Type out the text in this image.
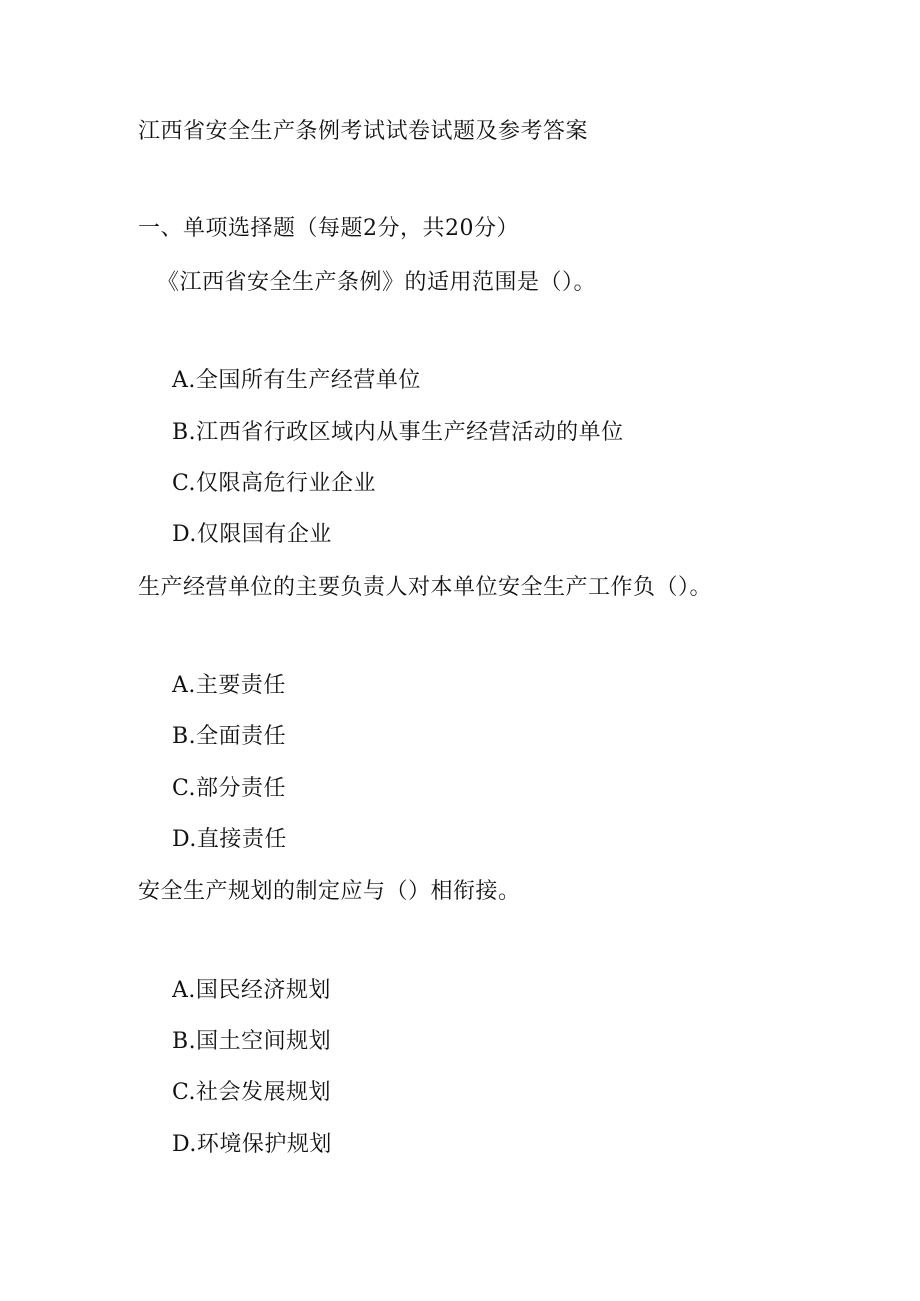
江西省安全生产条例考试试卷试题及参考答案
一、单项选择题（每题2分，共20分）
《江西省安全生产条例》的适用范围是（）。
A.全国所有生产经营单位
B.江西省行政区域内从事生产经营活动的单位
C.仅限高危行业企业
D.仅限国有企业
生产经营单位的主要负责人对本单位安全生产工作负（）。
A.主要责任
B.全面责任
C.部分责任
D.直接责任
安全生产规划的制定应与（）相衔接。
A.国民经济规划
B.国土空间规划
C.社会发展规划
D.环境保护规划
